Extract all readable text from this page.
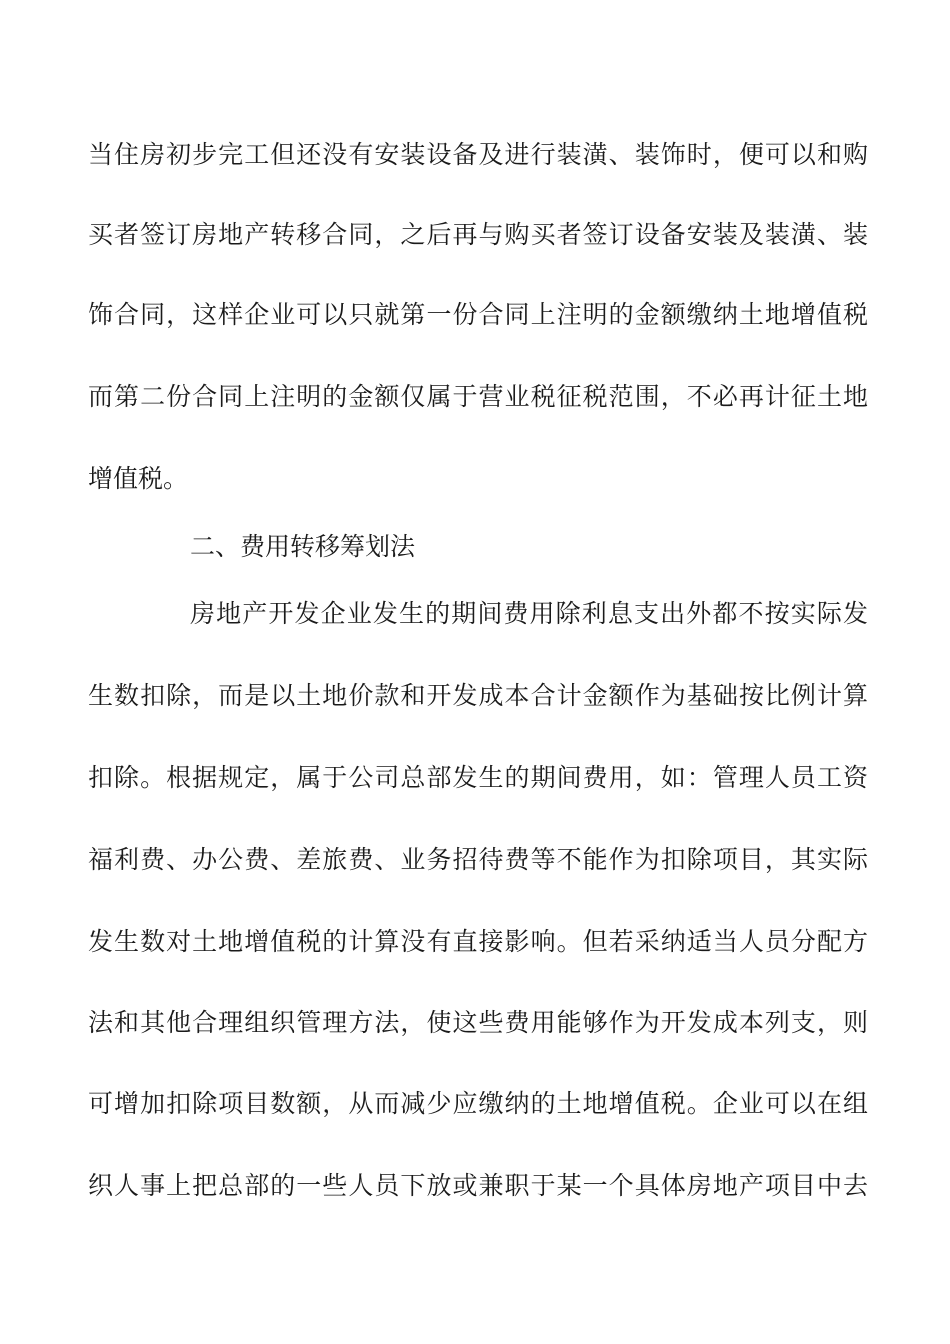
当住房初步完工但还没有安装设备及进行装潢、装饰时，便可以和购
买者签订房地产转移合同，之后再与购买者签订设备安装及装潢、装
饰合同，这样企业可以只就第一份合同上注明的金额缴纳土地增值税
而第二份合同上注明的金额仅属于营业税征税范围，不必再计征土地
增值税。
二、费用转移筹划法
房地产开发企业发生的期间费用除利息支出外都不按实际发
生数扣除，而是以土地价款和开发成本合计金额作为基础按比例计算
扣除。根据规定，属于公司总部发生的期间费用，如：管理人员工资
福利费、办公费、差旅费、业务招待费等不能作为扣除项目，其实际
发生数对土地增值税的计算没有直接影响。但若采纳适当人员分配方
法和其他合理组织管理方法，使这些费用能够作为开发成本列支，则
可增加扣除项目数额，从而减少应缴纳的土地增值税。企业可以在组
织人事上把总部的一些人员下放或兼职于某一个具体房地产项目中去
